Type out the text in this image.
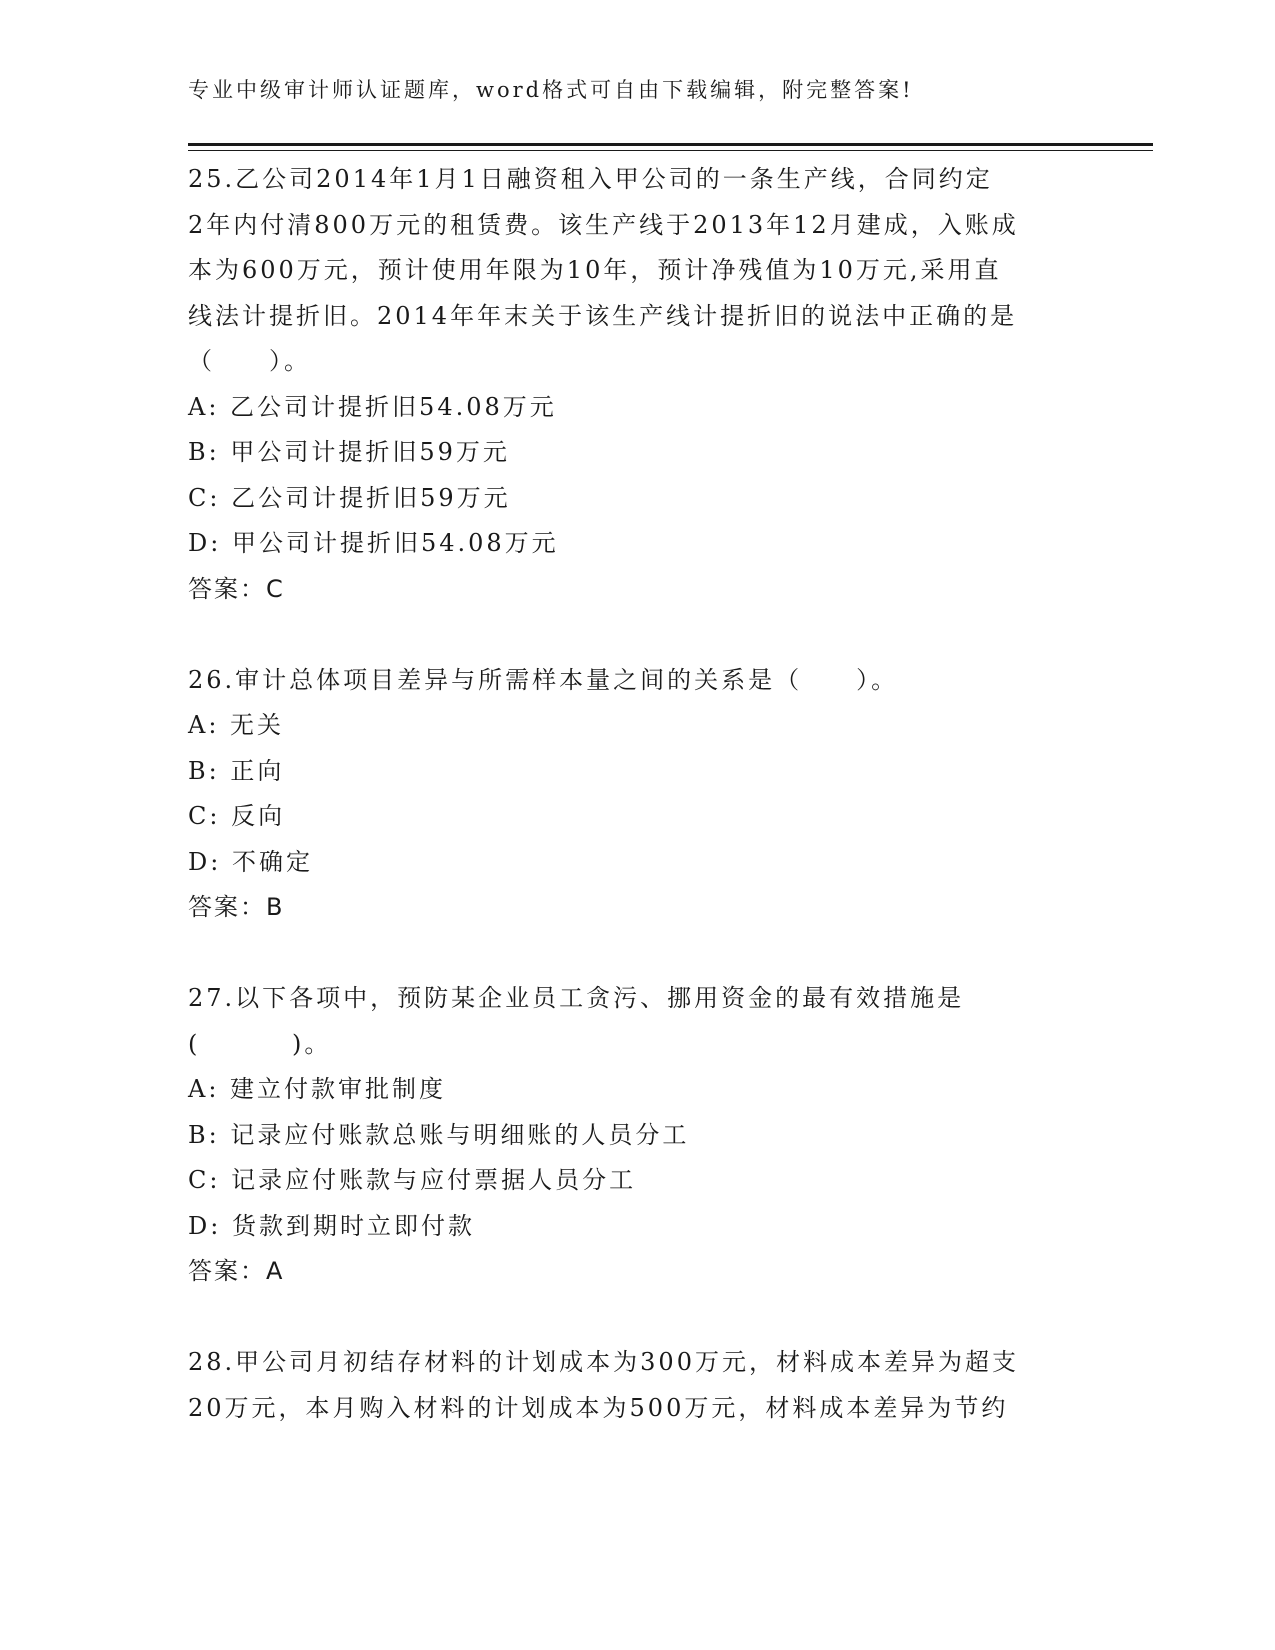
专业中级审计师认证题库，word格式可自由下载编辑，附完整答案!
25.乙公司2014年1月1日融资租入甲公司的一条生产线，合同约定
2年内付清800万元的租赁费。该生产线于2013年12月建成，入账成
本为600万元，预计使用年限为10年，预计净残值为10万元,采用直
线法计提折旧。2014年年末关于该生产线计提折旧的说法中正确的是
（　　）。
A: 乙公司计提折旧54.08万元
B: 甲公司计提折旧59万元
C: 乙公司计提折旧59万元
D: 甲公司计提折旧54.08万元
答案：C
26.审计总体项目差异与所需样本量之间的关系是（　　）。
A: 无关
B: 正向
C: 反向
D: 不确定
答案：B
27.以下各项中，预防某企业员工贪污、挪用资金的最有效措施是
(　　　 )。
A: 建立付款审批制度
B: 记录应付账款总账与明细账的人员分工
C: 记录应付账款与应付票据人员分工
D: 货款到期时立即付款
答案：A
28.甲公司月初结存材料的计划成本为300万元，材料成本差异为超支
20万元，本月购入材料的计划成本为500万元，材料成本差异为节约
